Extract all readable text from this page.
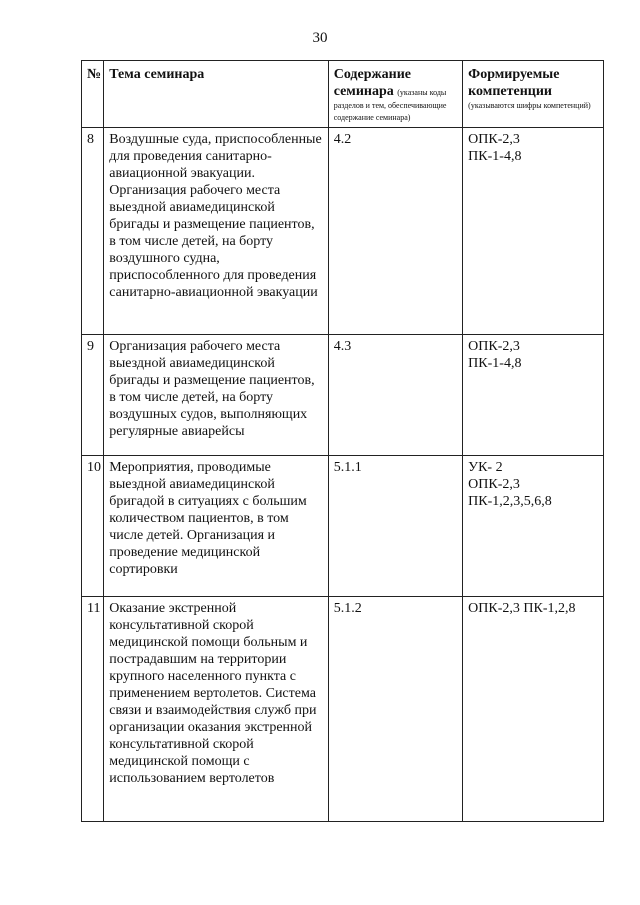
30
№	Тема семинара	Содержание
семинара (указаны коды
разделов и тем, обеспечивающие содержание семинара)	Формируемые
компетенции
(указываются шифры компетенций)

8	Воздушные суда, приспособленные для проведения санитарно-авиационной эвакуации. Организация рабочего места выездной авиамедицинской бригады и размещение пациентов, в том числе детей, на борту воздушного судна, приспособленного для проведения санитарно-авиационной эвакуации	4.2	ОПК-2,3
ПК-1-4,8

9	Организация рабочего места выездной авиамедицинской бригады и размещение пациентов, в том числе детей, на борту воздушных судов, выполняющих регулярные авиарейсы	4.3	ОПК-2,3
ПК-1-4,8

10	Мероприятия, проводимые выездной авиамедицинской бригадой в ситуациях с большим количеством пациентов, в том числе детей. Организация и проведение медицинской сортировки	5.1.1	УК- 2
ОПК-2,3
ПК-1,2,3,5,6,8

11	Оказание экстренной консультативной скорой медицинской помощи больным и пострадавшим на территории крупного населенного пункта с применением вертолетов. Система связи и взаимодействия служб при организации оказания экстренной консультативной скорой медицинской помощи с использованием вертолетов	5.1.2	ОПК-2,3 ПК-1,2,8
